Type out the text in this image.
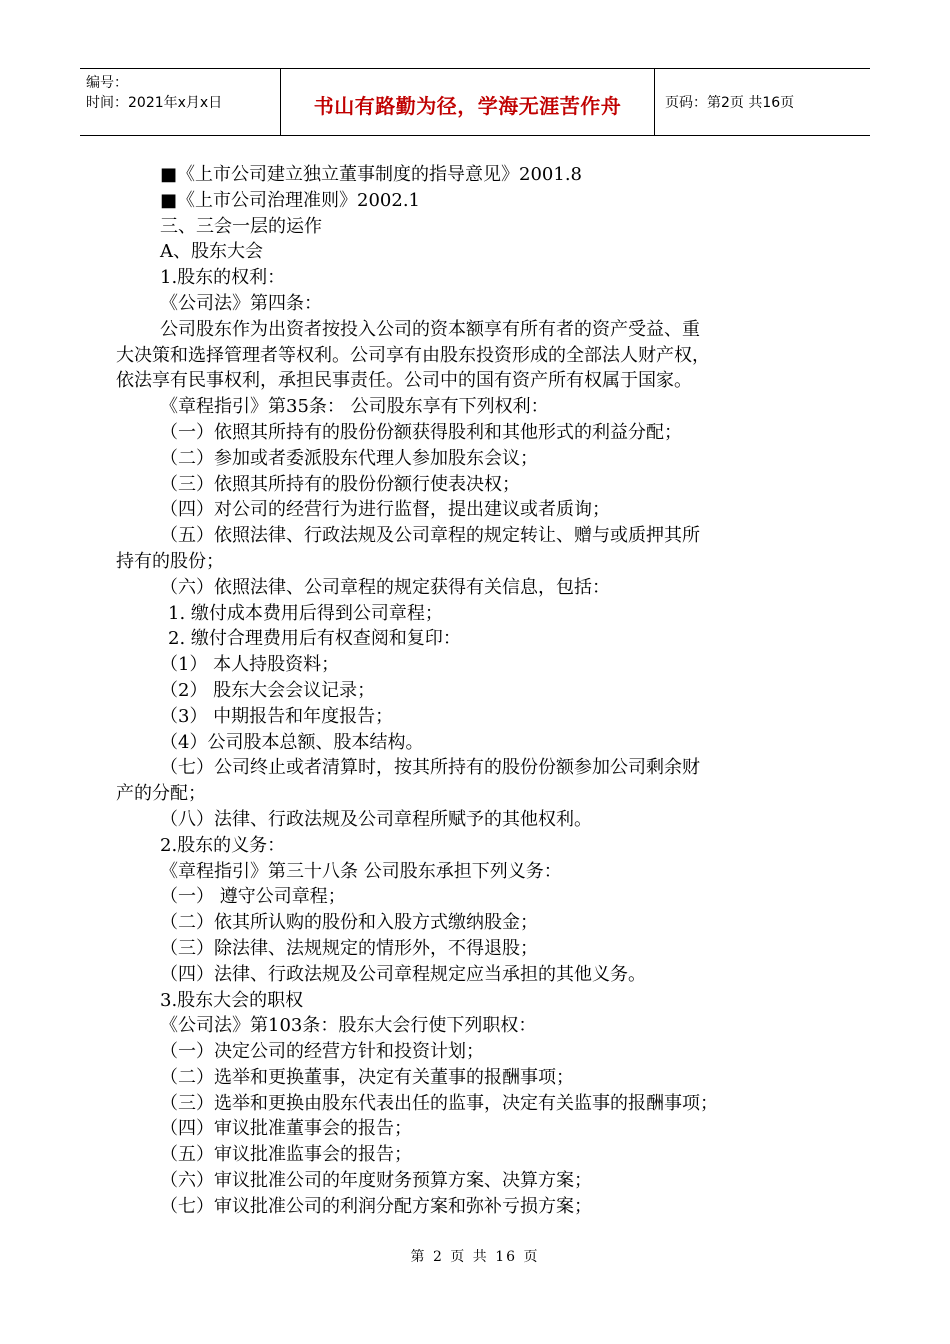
编号：
时间：2021年x月x日	书山有路勤为径，学海无涯苦作舟	页码：第2页 共16页
■《上市公司建立独立董事制度的指导意见》2001.8
■《上市公司治理准则》2002.1
三、三会一层的运作
A、股东大会
1.股东的权利：
《公司法》第四条：
公司股东作为出资者按投入公司的资本额享有所有者的资产受益、重
大决策和选择管理者等权利。公司享有由股东投资形成的全部法人财产权，
依法享有民事权利，承担民事责任。公司中的国有资产所有权属于国家。
《章程指引》第35条： 公司股东享有下列权利：
（一）依照其所持有的股份份额获得股利和其他形式的利益分配；
（二）参加或者委派股东代理人参加股东会议；
（三）依照其所持有的股份份额行使表决权；
（四）对公司的经营行为进行监督，提出建议或者质询；
（五）依照法律、行政法规及公司章程的规定转让、赠与或质押其所
持有的股份；
（六）依照法律、公司章程的规定获得有关信息，包括：
1. 缴付成本费用后得到公司章程；
2. 缴付合理费用后有权查阅和复印：
（1） 本人持股资料；
（2） 股东大会会议记录；
（3） 中期报告和年度报告；
（4）公司股本总额、股本结构。
（七）公司终止或者清算时，按其所持有的股份份额参加公司剩余财
产的分配；
（八）法律、行政法规及公司章程所赋予的其他权利。
2.股东的义务：
《章程指引》第三十八条 公司股东承担下列义务：
（一） 遵守公司章程；
（二）依其所认购的股份和入股方式缴纳股金；
（三）除法律、法规规定的情形外，不得退股；
（四）法律、行政法规及公司章程规定应当承担的其他义务。
3.股东大会的职权
《公司法》第103条：股东大会行使下列职权：
（一）决定公司的经营方针和投资计划；
（二）选举和更换董事，决定有关董事的报酬事项；
（三）选举和更换由股东代表出任的监事，决定有关监事的报酬事项；
（四）审议批准董事会的报告；
（五）审议批准监事会的报告；
（六）审议批准公司的年度财务预算方案、决算方案；
（七）审议批准公司的利润分配方案和弥补亏损方案；
第 2 页 共 16 页
